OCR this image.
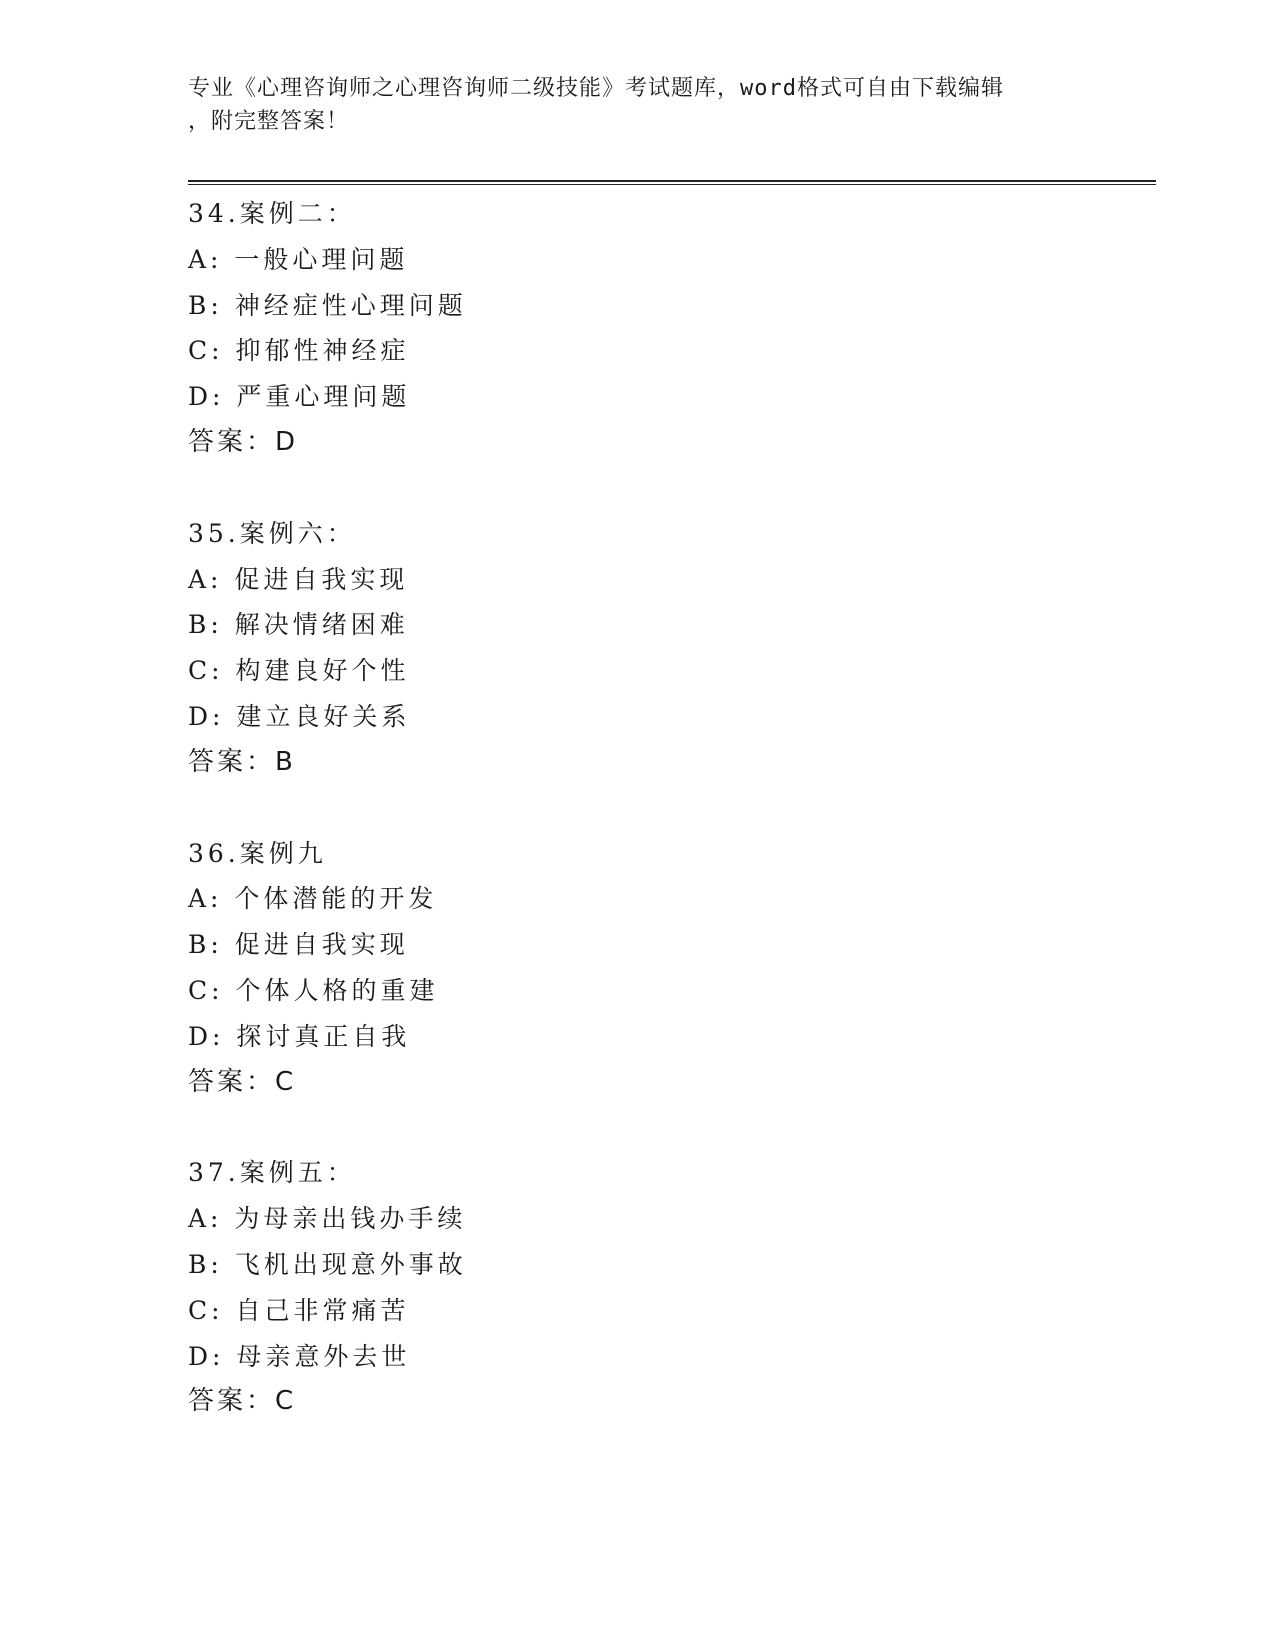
专业《心理咨询师之心理咨询师二级技能》考试题库，word格式可自由下载编辑
，附完整答案！
34.案例二：
A: 一般心理问题
B: 神经症性心理问题
C: 抑郁性神经症
D: 严重心理问题
答案：D
35.案例六：
A: 促进自我实现
B: 解决情绪困难
C: 构建良好个性
D: 建立良好关系
答案：B
36.案例九
A: 个体潜能的开发
B: 促进自我实现
C: 个体人格的重建
D: 探讨真正自我
答案：C
37.案例五：
A: 为母亲出钱办手续
B: 飞机出现意外事故
C: 自己非常痛苦
D: 母亲意外去世
答案：C
